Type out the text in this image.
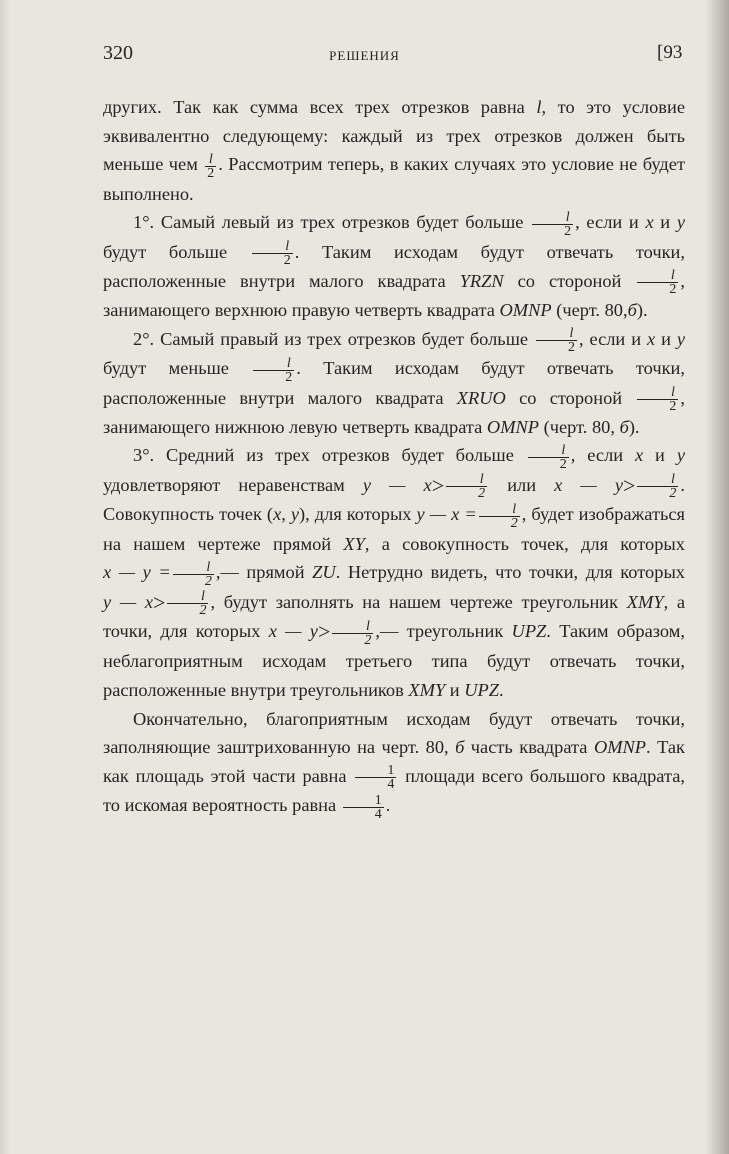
320	РЕШЕНИЯ	[93

других. Так как сумма всех трех отрезков равна l, то это условие эквивалентно следующему: каждый из трех отрезков должен быть меньше чем $\frac{l}{2}$ . Рассмотрим теперь, в каких случаях это условие не будет выполнено.

1°. Самый левый из трех отрезков будет больше $\frac{l}{2}$ , если и x и y будут больше $\frac{l}{2}$ . Таким исходам будут отвечать точки, расположенные внутри малого квадрата YRZN со стороной $\frac{l}{2}$ , занимающего верхнюю правую четверть квадрата OMNP (черт. 80,б).

2°. Самый правый из трех отрезков будет больше $\frac{l}{2}$ , если и x и y будут меньше $\frac{l}{2}$ . Таким исходам будут отвечать точки, расположенные внутри малого квадрата XRUO со стороной $\frac{l}{2}$ , занимающего нижнюю левую четверть квадрата OMNP (черт. 80, б).

3°. Средний из трех отрезков будет больше $\frac{l}{2}$ , если x и y удовлетворяют неравенствам y — $x> \frac{l}{2}$ или x — $y> \frac{l}{2}$ . Совокупность точек (x, y), для которых y — $x = \frac{l}{2}$ , будет изображаться на нашем чертеже прямой XY, а совокупность точек, для которых x — $y = \frac{l}{2}$ ,— прямой ZU. Нетрудно видеть, что точки, для которых y — $x> \frac{l}{2}$ , будут заполнять на нашем чертеже треугольник XMY, а точки, для которых x — $y> \frac{l}{2}$ ,— треугольник UPZ. Таким образом, неблагоприятным исходам третьего типа будут отвечать точки, расположенные внутри треугольников XMY и UPZ.

Окончательно, благоприятным исходам будут отвечать точки, заполняющие заштрихованную на черт. 80, б часть квадрата OMNP. Так как площадь этой части равна $\frac{1}{4}$ площади всего большого квадрата, то искомая вероятность равна $\frac{1}{4}$ .
